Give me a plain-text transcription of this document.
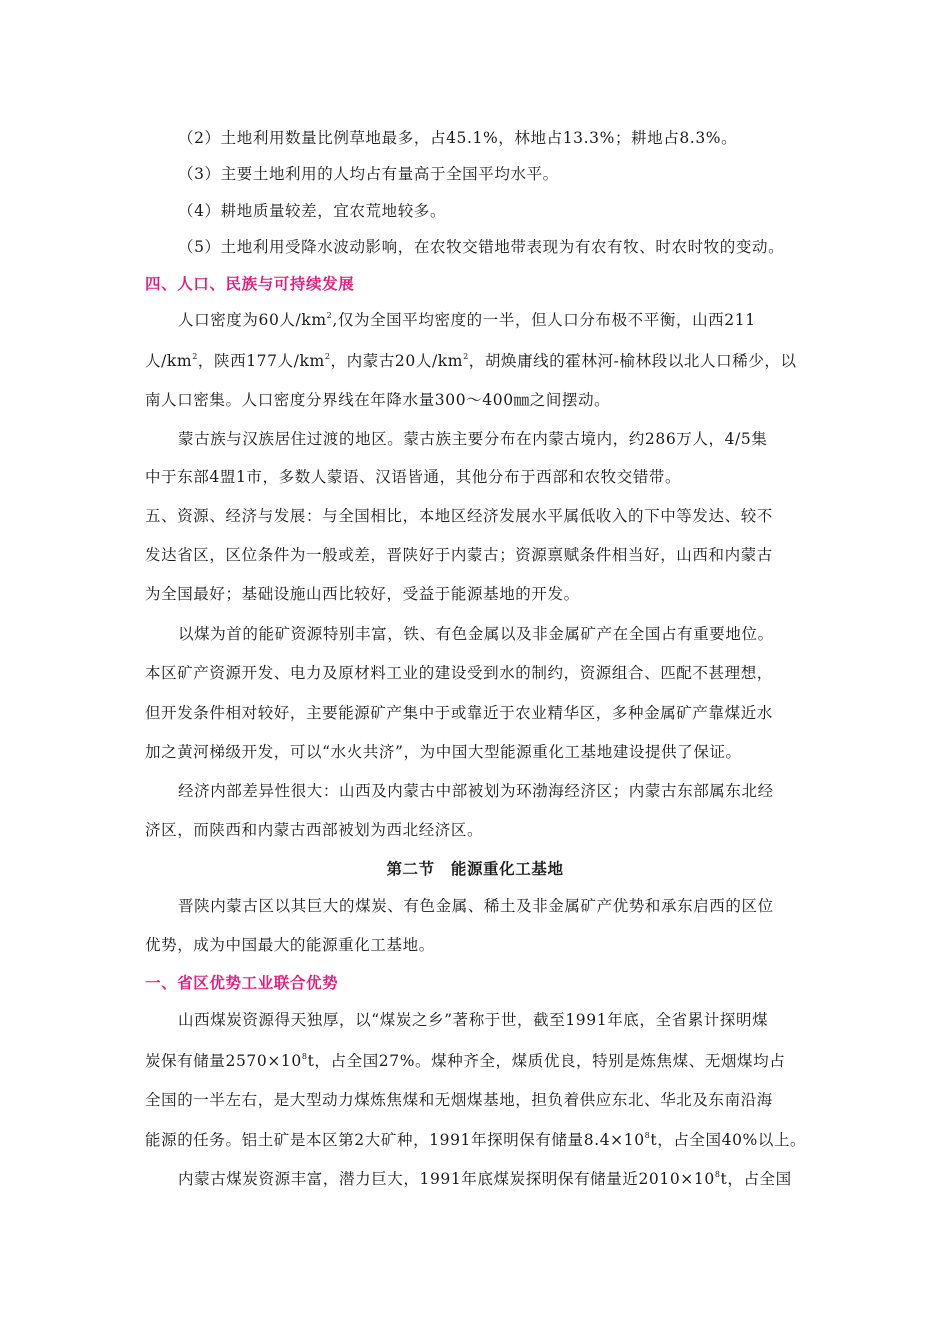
（2）土地利用数量比例草地最多，占45.1%，林地占13.3%；耕地占8.3%。
（3）主要土地利用的人均占有量高于全国平均水平。
（4）耕地质量较差，宜农荒地较多。
（5）土地利用受降水波动影响，在农牧交错地带表现为有农有牧、时农时牧的变动。
四、人口、民族与可持续发展
人口密度为60人$/km^2$,仅为全国平均密度的一半，但人口分布极不平衡，山西211
人$/km^2$，陕西177人$/km^2$，内蒙古20人$/km^2$，胡焕庸线的霍林河-榆林段以北人口稀少，以
南人口密集。人口密度分界线在年降水量300～400㎜之间摆动。
蒙古族与汉族居住过渡的地区。蒙古族主要分布在内蒙古境内，约286万人，4/5集
中于东部4盟1市，多数人蒙语、汉语皆通，其他分布于西部和农牧交错带。
五、资源、经济与发展：与全国相比，本地区经济发展水平属低收入的下中等发达、较不
发达省区，区位条件为一般或差，晋陕好于内蒙古；资源禀赋条件相当好，山西和内蒙古
为全国最好；基础设施山西比较好，受益于能源基地的开发。
以煤为首的能矿资源特别丰富，铁、有色金属以及非金属矿产在全国占有重要地位。
本区矿产资源开发、电力及原材料工业的建设受到水的制约，资源组合、匹配不甚理想，
但开发条件相对较好，主要能源矿产集中于或靠近于农业精华区，多种金属矿产靠煤近水
加之黄河梯级开发，可以“水火共济”，为中国大型能源重化工基地建设提供了保证。
经济内部差异性很大：山西及内蒙古中部被划为环渤海经济区；内蒙古东部属东北经
济区，而陕西和内蒙古西部被划为西北经济区。
第二节　能源重化工基地
晋陕内蒙古区以其巨大的煤炭、有色金属、稀土及非金属矿产优势和承东启西的区位
优势，成为中国最大的能源重化工基地。
一、省区优势工业联合优势
山西煤炭资源得天独厚，以“煤炭之乡”著称于世，截至1991年底，全省累计探明煤
炭保有储量$2570\times 10^8t$，占全国27%。煤种齐全，煤质优良，特别是炼焦煤、无烟煤均占
全国的一半左右，是大型动力煤炼焦煤和无烟煤基地，担负着供应东北、华北及东南沿海
能源的任务。铝土矿是本区第2大矿种，1991年探明保有储量$8.4\times 10^8t$，占全国40%以上。
内蒙古煤炭资源丰富，潜力巨大，1991年底煤炭探明保有储量近$2010\times 10^8t$，占全国
